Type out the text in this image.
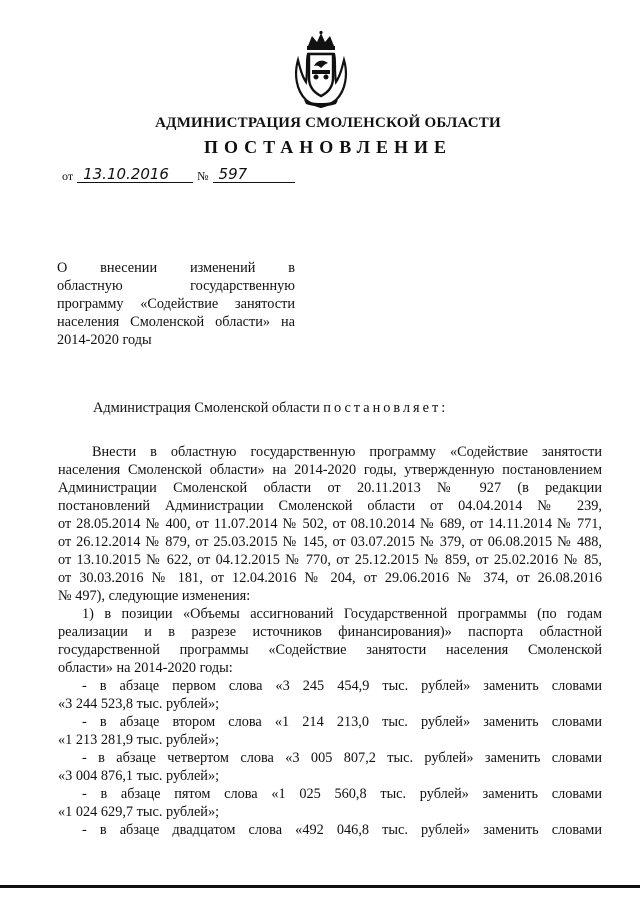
АДМИНИСТРАЦИЯ СМОЛЕНСКОЙ ОБЛАСТИ
ПОСТАНОВЛЕНИЕ
от 13.10.2016	№ 597
О внесении изменений в
областную государственную
программу «Содействие занятости
населения Смоленской области» на
2014-2020 годы
Администрация Смоленской области постановляет:
Внести в областную государственную программу «Содействие занятости
населения Смоленской области» на 2014-2020 годы, утвержденную постановлением
Администрации Смоленской области от 20.11.2013 № 927 (в редакции
постановлений Администрации Смоленской области от 04.04.2014 № 239,
от 28.05.2014 № 400, от 11.07.2014 № 502, от 08.10.2014 № 689, от 14.11.2014 № 771,
от 26.12.2014 № 879, от 25.03.2015 № 145, от 03.07.2015 № 379, от 06.08.2015 № 488,
от 13.10.2015 № 622, от 04.12.2015 № 770, от 25.12.2015 № 859, от 25.02.2016 № 85,
от 30.03.2016 № 181, от 12.04.2016 № 204, от 29.06.2016 № 374, от 26.08.2016
№ 497), следующие изменения:
1) в позиции «Объемы ассигнований Государственной программы (по годам
реализации и в разрезе источников финансирования)» паспорта областной
государственной программы «Содействие занятости населения Смоленской
области» на 2014-2020 годы:
- в абзаце первом слова «3 245 454,9 тыс. рублей» заменить словами
«3 244 523,8 тыс. рублей»;
- в абзаце втором слова «1 214 213,0 тыс. рублей» заменить словами
«1 213 281,9 тыс. рублей»;
- в абзаце четвертом слова «3 005 807,2 тыс. рублей» заменить словами
«3 004 876,1 тыс. рублей»;
- в абзаце пятом слова «1 025 560,8 тыс. рублей» заменить словами
«1 024 629,7 тыс. рублей»;
- в абзаце двадцатом слова «492 046,8 тыс. рублей» заменить словами
